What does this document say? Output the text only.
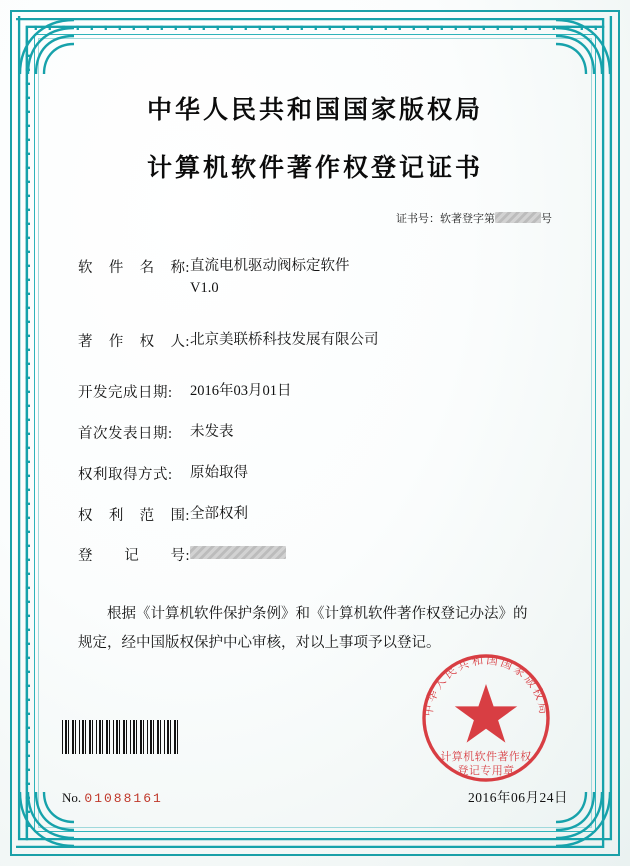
中华人民共和国国家版权局
计算机软件著作权登记证书
证书号：软著登字第	号
软 件 名 称: 直流电机驱动阀标定软件
V1.0
著 作 权 人: 北京美联桥科技发展有限公司
开发完成日期:	2016年03月01日
首次发表日期:	未发表
权利取得方式:	原始取得
权 利 范 围: 全部权利
登 记 号:

根据《计算机软件保护条例》和《计算机软件著作权登记办法》的

规定，经中国版权保护中心审核，对以上事项予以登记。

中华人民共和国国家版权局
计算机软件著作权
登记专用章
No. 01088161	2016年06月24日
